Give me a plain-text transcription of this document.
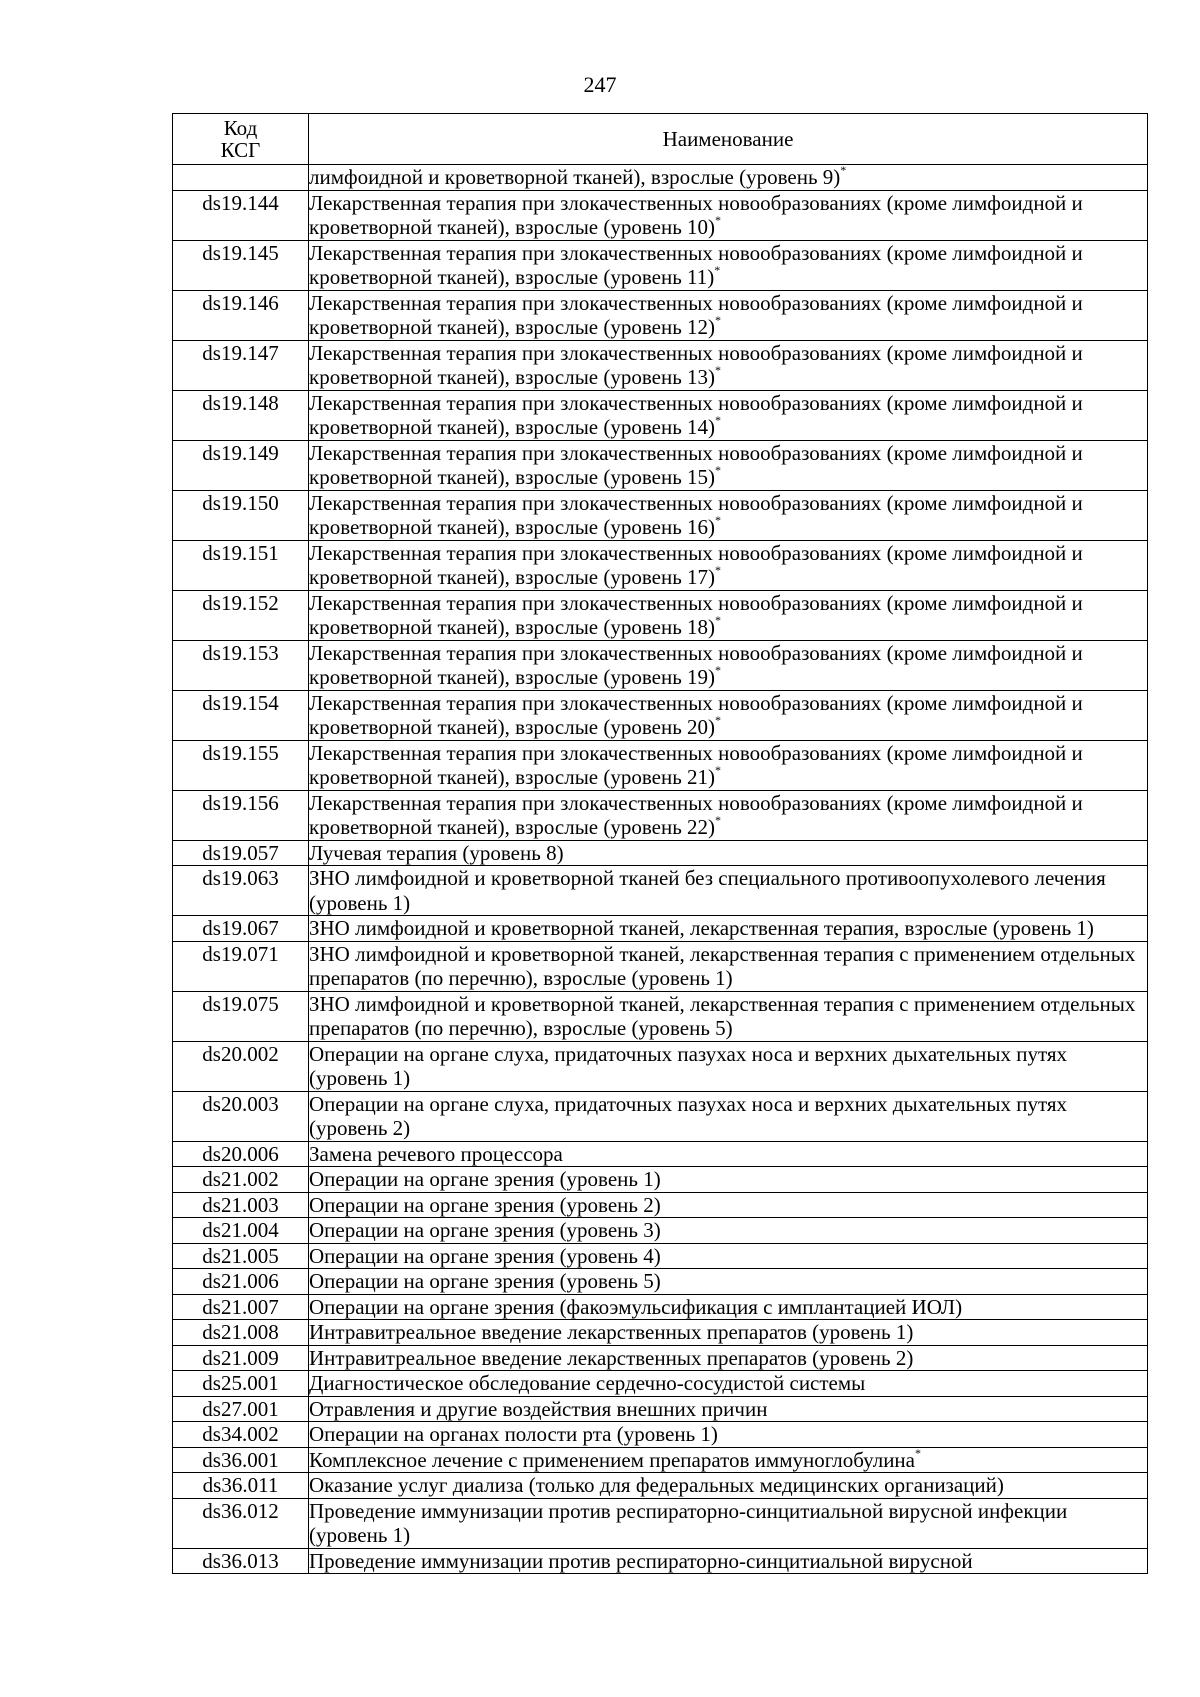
247
Код
КСГ	Наименование
	лимфоидной и кроветворной тканей), взрослые (уровень 9)*
ds19.144	Лекарственная терапия при злокачественных новообразованиях (кроме лимфоидной и кроветворной тканей), взрослые (уровень 10)*
ds19.145	Лекарственная терапия при злокачественных новообразованиях (кроме лимфоидной и кроветворной тканей), взрослые (уровень 11)*
ds19.146	Лекарственная терапия при злокачественных новообразованиях (кроме лимфоидной и кроветворной тканей), взрослые (уровень 12)*
ds19.147	Лекарственная терапия при злокачественных новообразованиях (кроме лимфоидной и кроветворной тканей), взрослые (уровень 13)*
ds19.148	Лекарственная терапия при злокачественных новообразованиях (кроме лимфоидной и кроветворной тканей), взрослые (уровень 14)*
ds19.149	Лекарственная терапия при злокачественных новообразованиях (кроме лимфоидной и кроветворной тканей), взрослые (уровень 15)*
ds19.150	Лекарственная терапия при злокачественных новообразованиях (кроме лимфоидной и кроветворной тканей), взрослые (уровень 16)*
ds19.151	Лекарственная терапия при злокачественных новообразованиях (кроме лимфоидной и кроветворной тканей), взрослые (уровень 17)*
ds19.152	Лекарственная терапия при злокачественных новообразованиях (кроме лимфоидной и кроветворной тканей), взрослые (уровень 18)*
ds19.153	Лекарственная терапия при злокачественных новообразованиях (кроме лимфоидной и кроветворной тканей), взрослые (уровень 19)*
ds19.154	Лекарственная терапия при злокачественных новообразованиях (кроме лимфоидной и кроветворной тканей), взрослые (уровень 20)*
ds19.155	Лекарственная терапия при злокачественных новообразованиях (кроме лимфоидной и кроветворной тканей), взрослые (уровень 21)*
ds19.156	Лекарственная терапия при злокачественных новообразованиях (кроме лимфоидной и кроветворной тканей), взрослые (уровень 22)*
ds19.057	Лучевая терапия (уровень 8)
ds19.063	ЗНО лимфоидной и кроветворной тканей без специального противоопухолевого лечения (уровень 1)
ds19.067	ЗНО лимфоидной и кроветворной тканей, лекарственная терапия, взрослые (уровень 1)
ds19.071	ЗНО лимфоидной и кроветворной тканей, лекарственная терапия с применением отдельных препаратов (по перечню), взрослые (уровень 1)
ds19.075	ЗНО лимфоидной и кроветворной тканей, лекарственная терапия с применением отдельных препаратов (по перечню), взрослые (уровень 5)
ds20.002	Операции на органе слуха, придаточных пазухах носа и верхних дыхательных путях (уровень 1)
ds20.003	Операции на органе слуха, придаточных пазухах носа и верхних дыхательных путях (уровень 2)
ds20.006	Замена речевого процессора
ds21.002	Операции на органе зрения (уровень 1)
ds21.003	Операции на органе зрения (уровень 2)
ds21.004	Операции на органе зрения (уровень 3)
ds21.005	Операции на органе зрения (уровень 4)
ds21.006	Операции на органе зрения (уровень 5)
ds21.007	Операции на органе зрения (факоэмульсификация с имплантацией ИОЛ)
ds21.008	Интравитреальное введение лекарственных препаратов (уровень 1)
ds21.009	Интравитреальное введение лекарственных препаратов (уровень 2)
ds25.001	Диагностическое обследование сердечно-сосудистой системы
ds27.001	Отравления и другие воздействия внешних причин
ds34.002	Операции на органах полости рта (уровень 1)
ds36.001	Комплексное лечение с применением препаратов иммуноглобулина*
ds36.011	Оказание услуг диализа (только для федеральных медицинских организаций)
ds36.012	Проведение иммунизации против респираторно-синцитиальной вирусной инфекции (уровень 1)
ds36.013	Проведение иммунизации против респираторно-синцитиальной вирусной
